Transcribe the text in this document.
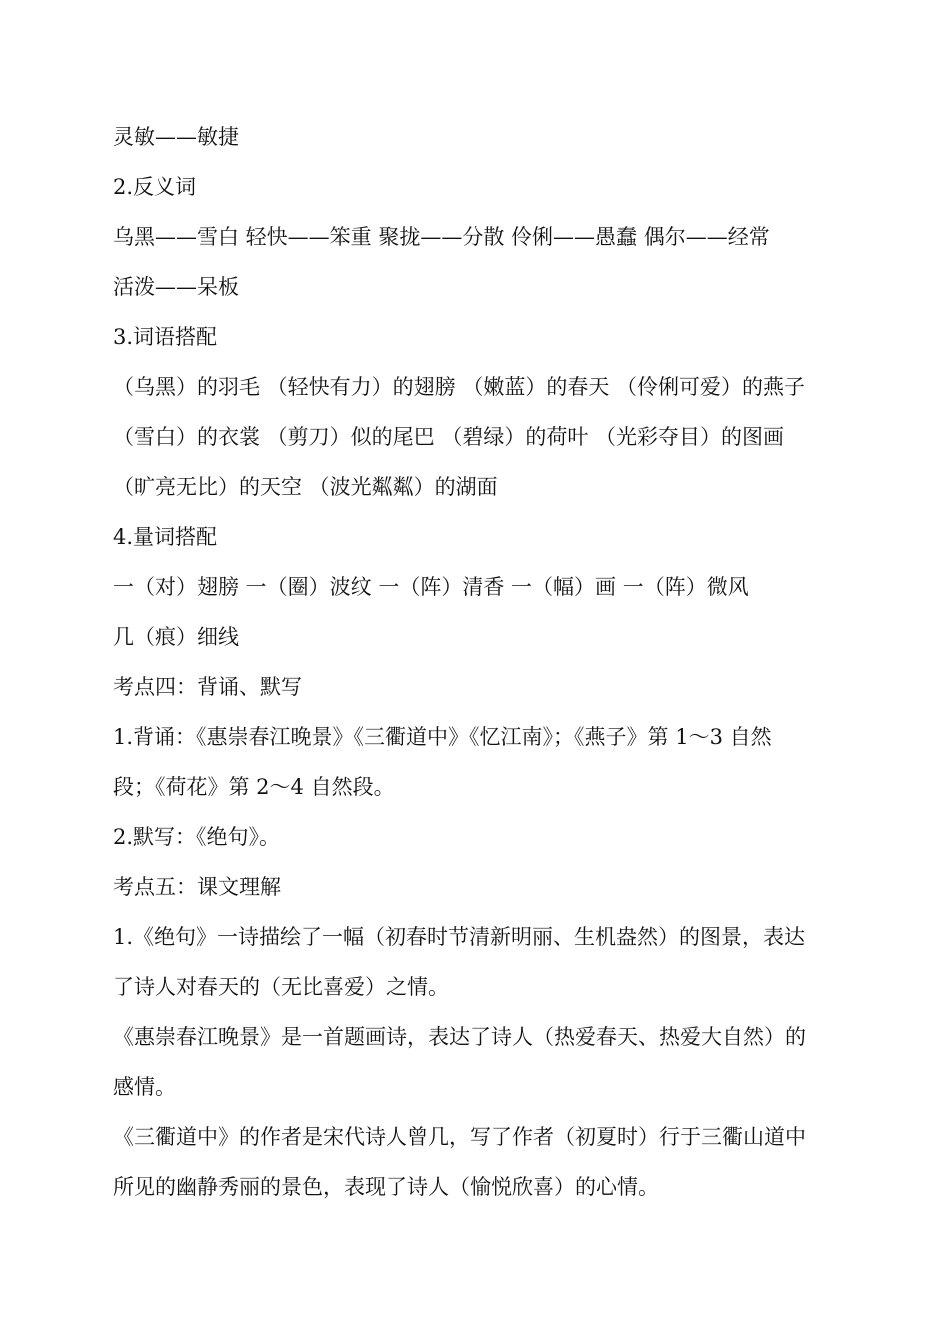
灵敏——敏捷
2.反义词
乌黑——雪白 轻快——笨重 聚拢——分散 伶俐——愚蠢 偶尔——经常
活泼——呆板
3.词语搭配
（乌黑）的羽毛 （轻快有力）的翅膀 （嫩蓝）的春天 （伶俐可爱）的燕子
（雪白）的衣裳 （剪刀）似的尾巴 （碧绿）的荷叶 （光彩夺目）的图画
（旷亮无比）的天空 （波光粼粼）的湖面
4.量词搭配
一（对）翅膀 一（圈）波纹 一（阵）清香 一（幅）画 一（阵）微风
几（痕）细线
考点四：背诵、默写
1.背诵：《惠崇春江晚景》《三衢道中》《忆江南》；《燕子》第 1～3 自然
段；《荷花》第 2～4 自然段。
2.默写：《绝句》。
考点五：课文理解
1.《绝句》一诗描绘了一幅（初春时节清新明丽、生机盎然）的图景，表达
了诗人对春天的（无比喜爱）之情。
《惠崇春江晚景》是一首题画诗，表达了诗人（热爱春天、热爱大自然）的
感情。
《三衢道中》的作者是宋代诗人曾几，写了作者（初夏时）行于三衢山道中
所见的幽静秀丽的景色，表现了诗人（愉悦欣喜）的心情。
